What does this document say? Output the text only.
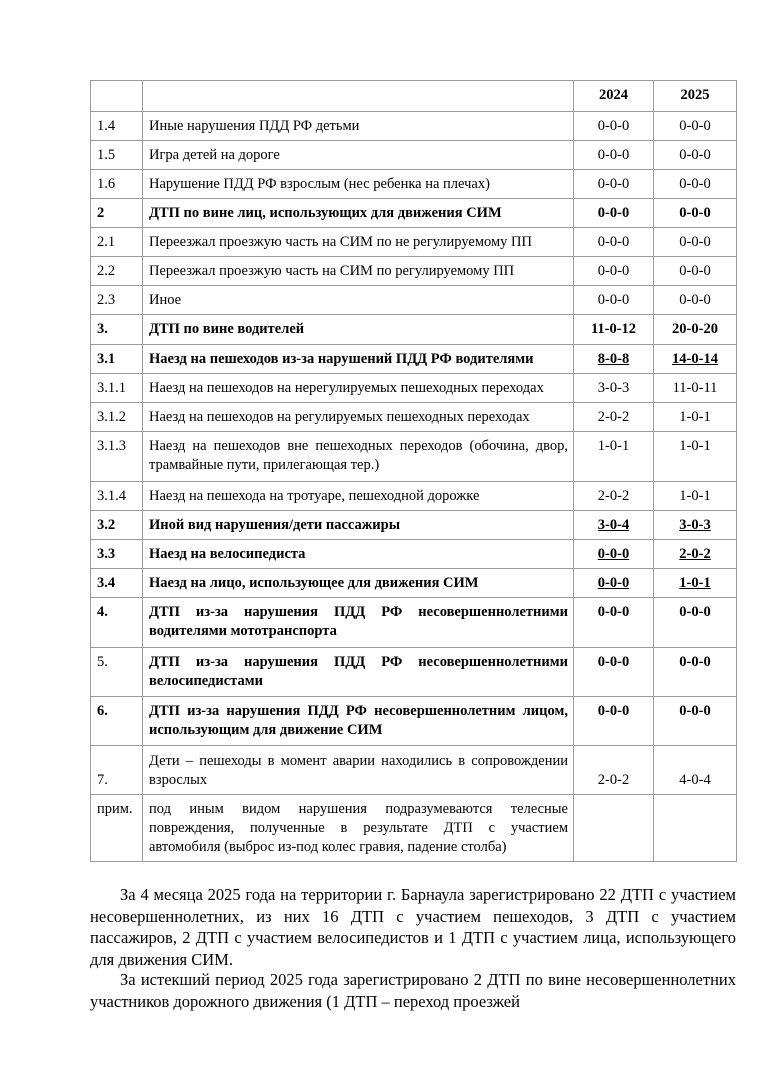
		2024	2025
1.4	Иные нарушения ПДД РФ детьми	0-0-0	0-0-0
1.5	Игра детей на дороге	0-0-0	0-0-0
1.6	Нарушение ПДД РФ взрослым (нес ребенка на плечах)	0-0-0	0-0-0
2	ДТП по вине лиц, использующих для движения СИМ	0-0-0	0-0-0
2.1	Переезжал проезжую часть на СИМ по не регулируемому ПП	0-0-0	0-0-0
2.2	Переезжал проезжую часть на СИМ по регулируемому ПП	0-0-0	0-0-0
2.3	Иное	0-0-0	0-0-0
3.	ДТП по вине водителей	11-0-12	20-0-20
3.1	Наезд на пешеходов из-за нарушений ПДД РФ водителями	8-0-8	14-0-14
3.1.1	Наезд на пешеходов на нерегулируемых пешеходных переходах	3-0-3	11-0-11
3.1.2	Наезд на пешеходов на регулируемых пешеходных переходах	2-0-2	1-0-1
3.1.3	Наезд на пешеходов вне пешеходных переходов (обочина, двор, трамвайные пути, прилегающая тер.)	1-0-1	1-0-1
3.1.4	Наезд на пешехода на тротуаре, пешеходной дорожке	2-0-2	1-0-1
3.2	Иной вид нарушения/дети пассажиры	3-0-4	3-0-3
3.3	Наезд на велосипедиста	0-0-0	2-0-2
3.4	Наезд на лицо, использующее для движения СИМ	0-0-0	1-0-1
4.	ДТП из-за нарушения ПДД РФ несовершеннолетними водителями мототранспорта	0-0-0	0-0-0
5.	ДТП из-за нарушения ПДД РФ несовершеннолетними велосипедистами	0-0-0	0-0-0
6.	ДТП из-за нарушения ПДД РФ несовершеннолетним лицом, использующим для движение СИМ	0-0-0	0-0-0
7.	Дети – пешеходы в момент аварии находились в сопровождении взрослых	2-0-2	4-0-4
прим.	под иным видом нарушения подразумеваются телесные повреждения, полученные в результате ДТП с участием автомобиля (выброс из-под колес гравия, падение столба)		
За 4 месяца 2025 года на территории г. Барнаула зарегистрировано 22 ДТП с участием несовершеннолетних, из них 16 ДТП с участием пешеходов, 3 ДТП с участием пассажиров, 2 ДТП с участием велосипедистов и 1 ДТП с участием лица, использующего для движения СИМ.
За истекший период 2025 года зарегистрировано 2 ДТП по вине несовершеннолетних участников дорожного движения (1 ДТП – переход проезжей
